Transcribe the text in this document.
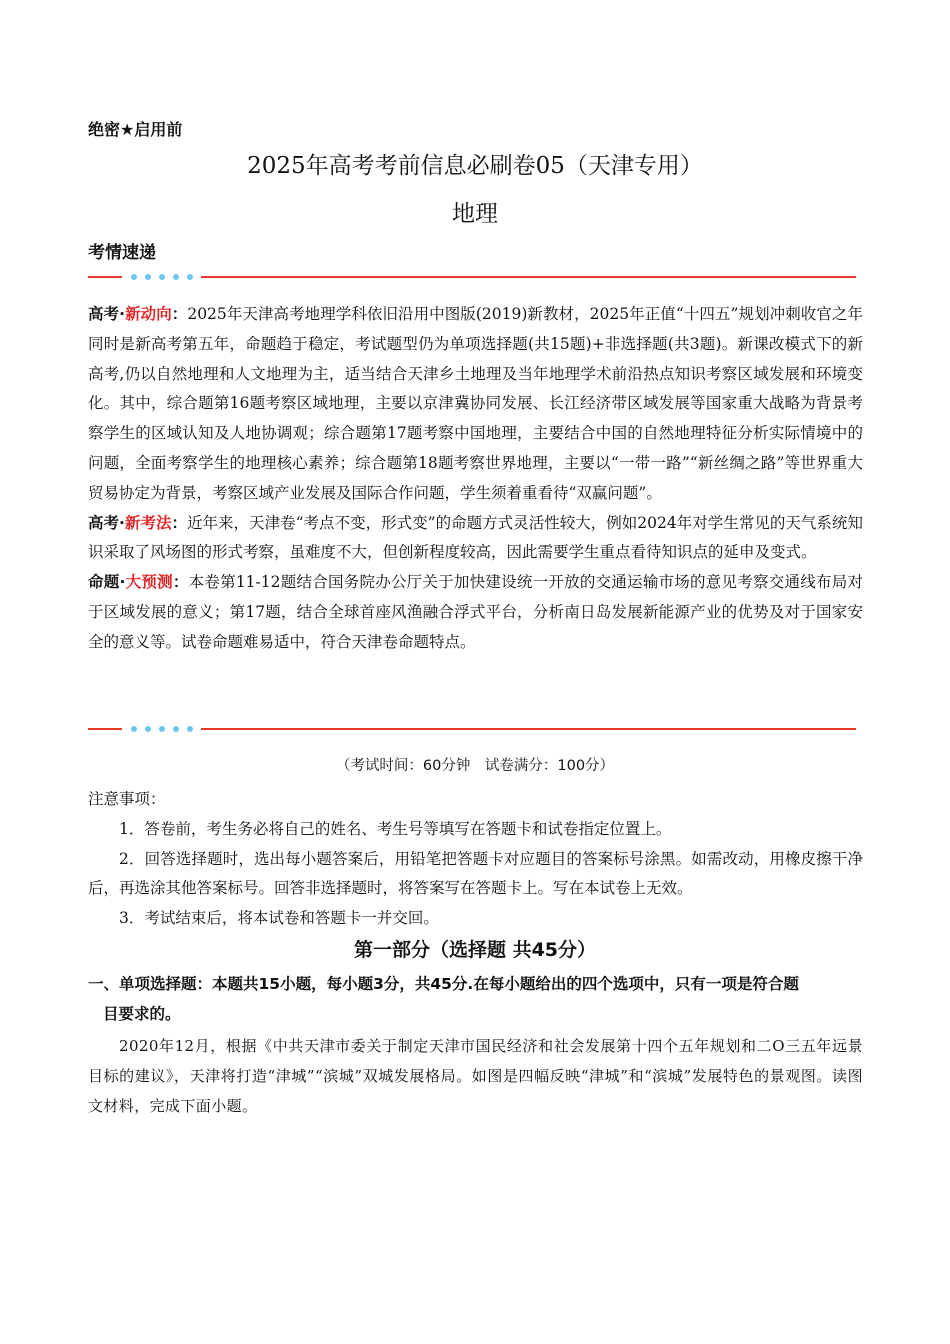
绝密★启用前
2025年高考考前信息必刷卷05（天津专用）
地理
考情速递

高考·新动向：2025年天津高考地理学科依旧沿用中图版(2019)新教材，2025年正值“十四五”规划冲刺收官之年同时是新高考第五年，命题趋于稳定，考试题型仍为单项选择题(共15题)+非选择题(共3题)。新课改模式下的新高考,仍以自然地理和人文地理为主，适当结合天津乡土地理及当年地理学术前沿热点知识考察区域发展和环境变化。其中，综合题第16题考察区域地理，主要以京津冀协同发展、长江经济带区域发展等国家重大战略为背景考察学生的区域认知及人地协调观；综合题第17题考察中国地理，主要结合中国的自然地理特征分析实际情境中的问题，全面考察学生的地理核心素养；综合题第18题考察世界地理，主要以“一带一路”“新丝绸之路”等世界重大贸易协定为背景，考察区域产业发展及国际合作问题，学生须着重看待“双赢问题”。

高考·新考法：近年来，天津卷“考点不变，形式变”的命题方式灵活性较大，例如2024年对学生常见的天气系统知识采取了风场图的形式考察，虽难度不大，但创新程度较高，因此需要学生重点看待知识点的延申及变式。

命题·大预测：本卷第11-12题结合国务院办公厅关于加快建设统一开放的交通运输市场的意见考察交通线布局对于区域发展的意义；第17题，结合全球首座风渔融合浮式平台，分析南日岛发展新能源产业的优势及对于国家安全的意义等。试卷命题难易适中，符合天津卷命题特点。

（考试时间：60分钟　试卷满分：100分）

注意事项：

1．答卷前，考生务必将自己的姓名、考生号等填写在答题卡和试卷指定位置上。

2．回答选择题时，选出每小题答案后，用铅笔把答题卡对应题目的答案标号涂黑。如需改动，用橡皮擦干净后，再选涂其他答案标号。回答非选择题时，将答案写在答题卡上。写在本试卷上无效。

3．考试结束后，将本试卷和答题卡一并交回。

第一部分（选择题 共45分）
一、单项选择题：本题共15小题，每小题3分，共45分.在每小题给出的四个选项中，只有一项是符合题
目要求的。
2020年12月，根据《中共天津市委关于制定天津市国民经济和社会发展第十四个五年规划和二O三五年远景目标的建议》，天津将打造“津城”“滨城”双城发展格局。如图是四幅反映“津城”和“滨城”发展特色的景观图。读图文材料，完成下面小题。
